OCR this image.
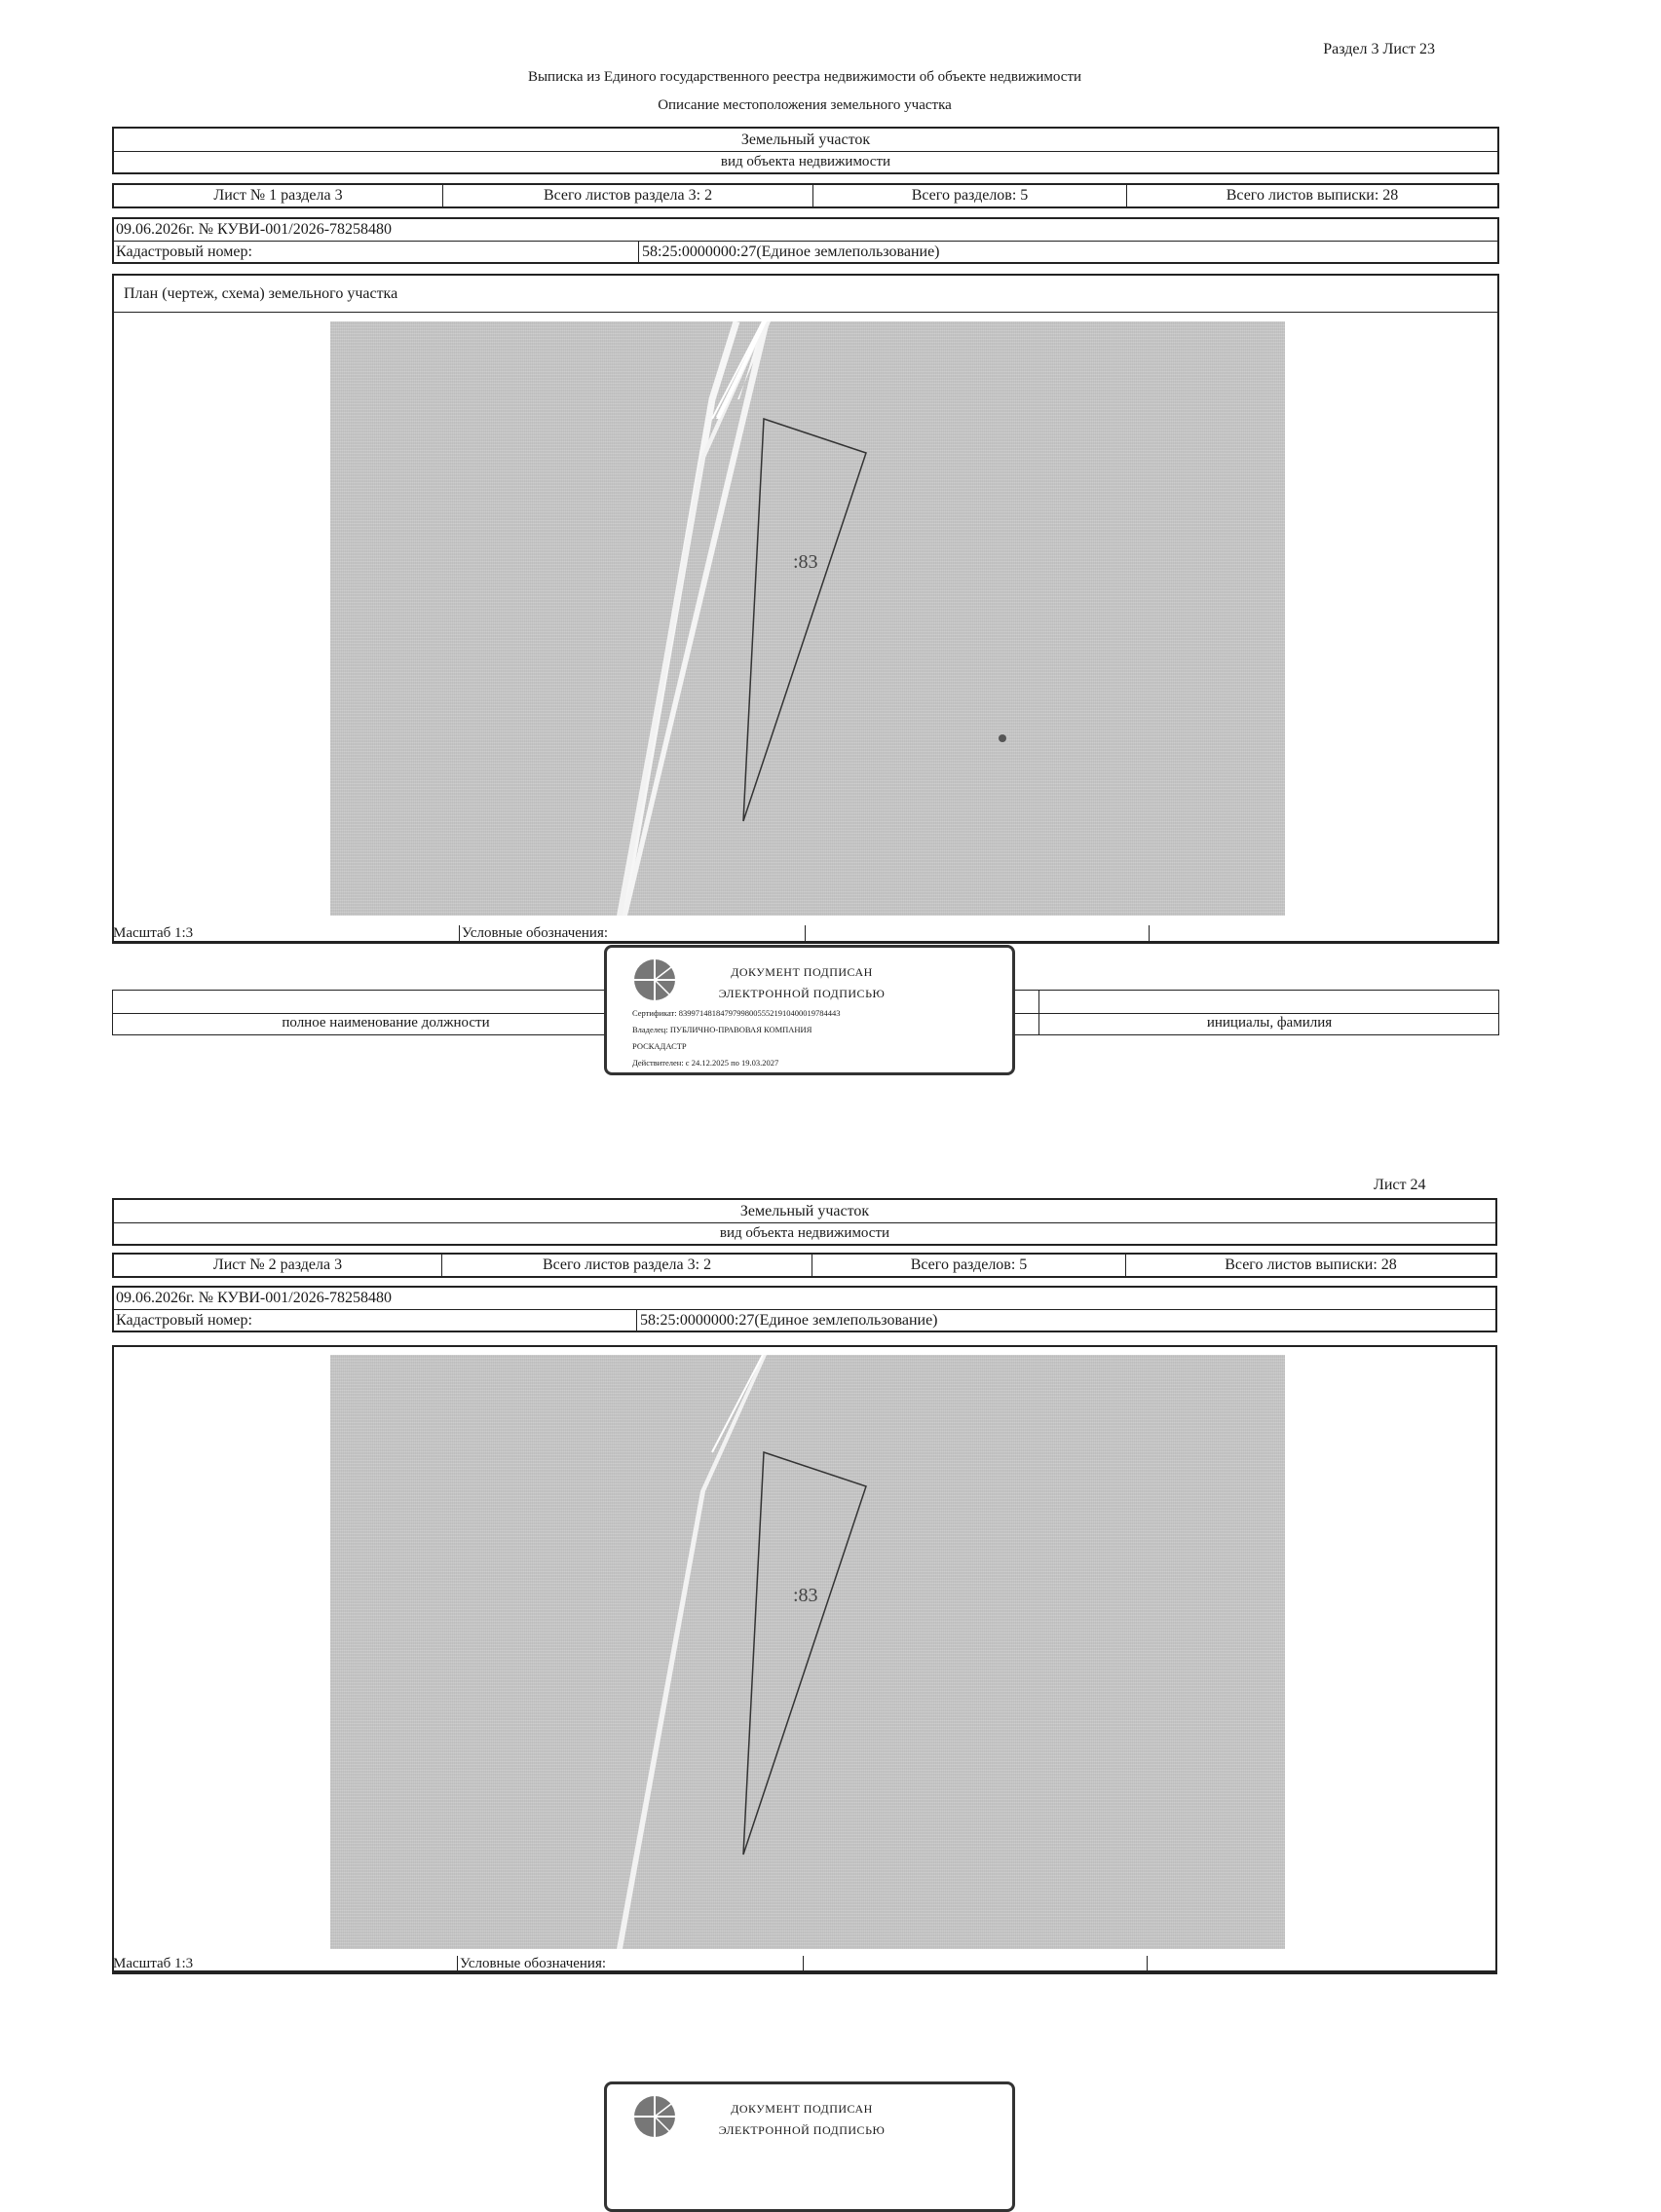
Раздел 3 Лист 23
Выписка из Единого государственного реестра недвижимости об объекте недвижимости
Описание местоположения земельного участка
Земельный участок
вид объекта недвижимости
Лист № 1 раздела 3	Всего листов раздела 3: 2	Всего разделов: 5	Всего листов выписки: 28
09.06.2026г. № КУВИ-001/2026-78258480
Кадастровый номер:	58:25:0000000:27(Единое землепользование)
План (чертеж, схема) земельного участка
:83
Масштаб 1:3	Условные обозначения:
полное наименование должности	инициалы, фамилия
ДОКУМЕНТ ПОДПИСАН
ЭЛЕКТРОННОЙ ПОДПИСЬЮ
Сертификат: 839971481847979980055521910400019784443
Владелец: ПУБЛИЧНО-ПРАВОВАЯ КОМПАНИЯ
РОСКАДАСТР
Действителен: с 24.12.2025 по 19.03.2027
Лист 24
Земельный участок
вид объекта недвижимости
Лист № 2 раздела 3	Всего листов раздела 3: 2	Всего разделов: 5	Всего листов выписки: 28
09.06.2026г. № КУВИ-001/2026-78258480
Кадастровый номер:	58:25:0000000:27(Единое землепользование)
:83
Масштаб 1:3	Условные обозначения:
ДОКУМЕНТ ПОДПИСАН
ЭЛЕКТРОННОЙ ПОДПИСЬЮ
